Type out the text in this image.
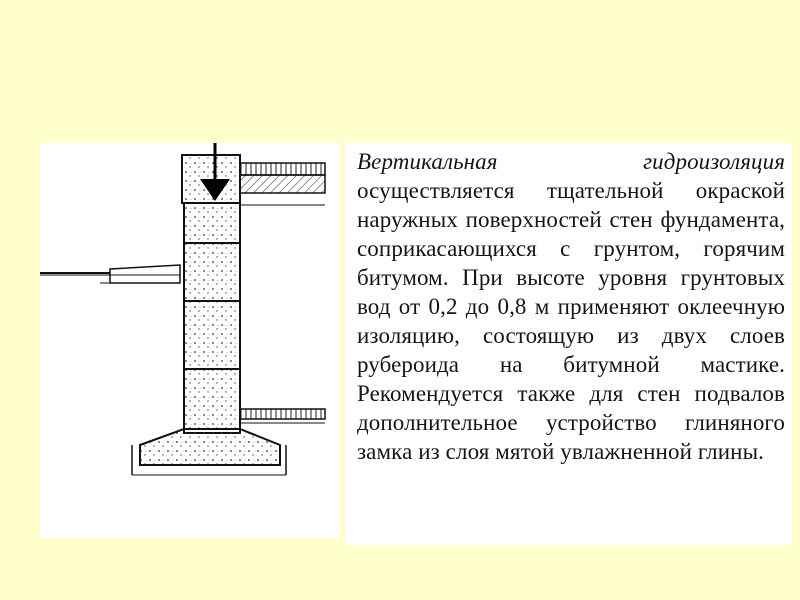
Вертикальная гидроизоляция осуществляется тщательной окраской наружных поверхностей стен фундамента, соприкасающихся с грунтом, горячим битумом. При высоте уровня грунтовых вод от 0,2 до 0,8 м применяют оклеечную изоляцию, состоящую из двух слоев рубероида на битумной мастике. Рекомендуется также для стен подвалов дополнительное устройство глиняного замка из слоя мятой увлажненной глины.
